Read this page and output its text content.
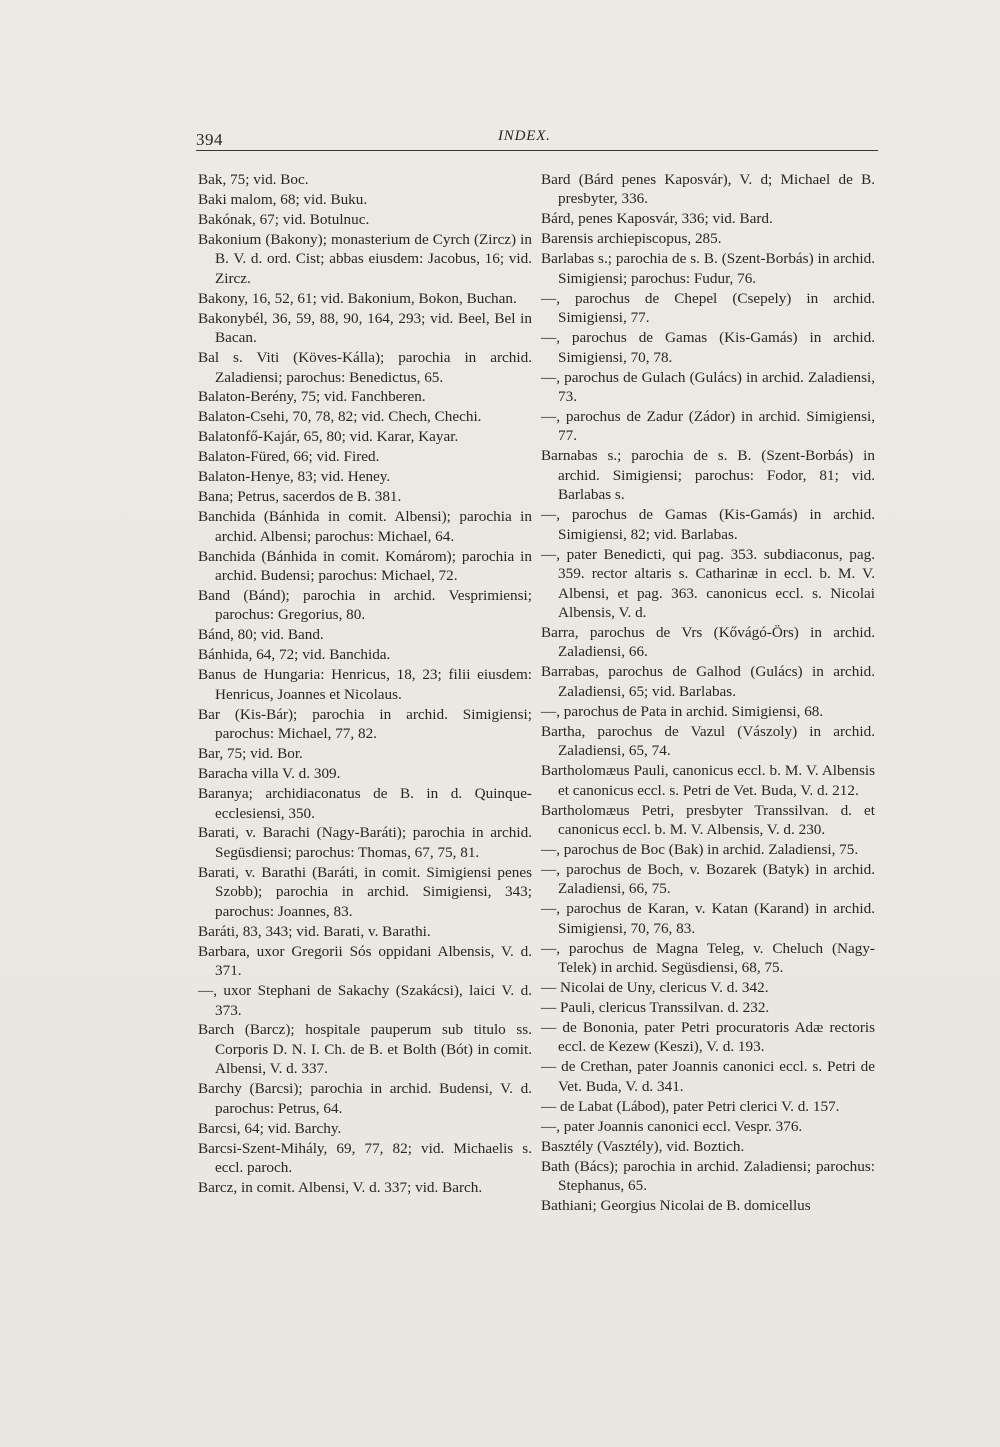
394	INDEX.

Bak, 75; vid. Boc.

Baki malom, 68; vid. Buku.

Bakónak, 67; vid. Botulnuc.

Bakonium (Bakony); monasterium de Cyrch (Zircz) in B. V. d. ord. Cist; abbas eiusdem: Jacobus, 16; vid. Zircz.

Bakony, 16, 52, 61; vid. Bakonium, Bokon, Buchan.

Bakonybél, 36, 59, 88, 90, 164, 293; vid. Beel, Bel in Bacan.

Bal s. Viti (Köves-Kálla); parochia in archid. Zaladiensi; parochus: Benedictus, 65.

Balaton-Berény, 75; vid. Fanchberen.

Balaton-Csehi, 70, 78, 82; vid. Chech, Chechi.

Balatonfő-Kajár, 65, 80; vid. Karar, Kayar.

Balaton-Füred, 66; vid. Fired.

Balaton-Henye, 83; vid. Heney.

Bana; Petrus, sacerdos de B. 381.

Banchida (Bánhida in comit. Albensi); parochia in archid. Albensi; parochus: Michael, 64.

Banchida (Bánhida in comit. Komárom); parochia in archid. Budensi; parochus: Michael, 72.

Band (Bánd); parochia in archid. Vesprimiensi; parochus: Gregorius, 80.

Bánd, 80; vid. Band.

Bánhida, 64, 72; vid. Banchida.

Banus de Hungaria: Henricus, 18, 23; filii eiusdem: Henricus, Joannes et Nicolaus.

Bar (Kis-Bár); parochia in archid. Simigiensi; parochus: Michael, 77, 82.

Bar, 75; vid. Bor.

Baracha villa V. d. 309.

Baranya; archidiaconatus de B. in d. Quinque-ecclesiensi, 350.

Barati, v. Barachi (Nagy-Baráti); parochia in archid. Següsdiensi; parochus: Thomas, 67, 75, 81.

Barati, v. Barathi (Baráti, in comit. Simigiensi penes Szobb); parochia in archid. Simigiensi, 343; parochus: Joannes, 83.

Baráti, 83, 343; vid. Barati, v. Barathi.

Barbara, uxor Gregorii Sós oppidani Albensis, V. d. 371.

—, uxor Stephani de Sakachy (Szakácsi), laici V. d. 373.

Barch (Barcz); hospitale pauperum sub titulo ss. Corporis D. N. I. Ch. de B. et Bolth (Bót) in comit. Albensi, V. d. 337.

Barchy (Barcsi); parochia in archid. Budensi, V. d. parochus: Petrus, 64.

Barcsi, 64; vid. Barchy.

Barcsi-Szent-Mihály, 69, 77, 82; vid. Michaelis s. eccl. paroch.

Barcz, in comit. Albensi, V. d. 337; vid. Barch.

Bard (Bárd penes Kaposvár), V. d; Michael de B. presbyter, 336.

Bárd, penes Kaposvár, 336; vid. Bard.

Barensis archiepiscopus, 285.

Barlabas s.; parochia de s. B. (Szent-Borbás) in archid. Simigiensi; parochus: Fudur, 76.

—, parochus de Chepel (Csepely) in archid. Simigiensi, 77.

—, parochus de Gamas (Kis-Gamás) in archid. Simigiensi, 70, 78.

—, parochus de Gulach (Gulács) in archid. Zaladiensi, 73.

—, parochus de Zadur (Zádor) in archid. Simigiensi, 77.

Barnabas s.; parochia de s. B. (Szent-Borbás) in archid. Simigiensi; parochus: Fodor, 81; vid. Barlabas s.

—, parochus de Gamas (Kis-Gamás) in archid. Simigiensi, 82; vid. Barlabas.

—, pater Benedicti, qui pag. 353. subdiaconus, pag. 359. rector altaris s. Catharinæ in eccl. b. M. V. Albensi, et pag. 363. canonicus eccl. s. Nicolai Albensis, V. d.

Barra, parochus de Vrs (Kővágó-Örs) in archid. Zaladiensi, 66.

Barrabas, parochus de Galhod (Gulács) in archid. Zaladiensi, 65; vid. Barlabas.

—, parochus de Pata in archid. Simigiensi, 68.

Bartha, parochus de Vazul (Vászoly) in archid. Zaladiensi, 65, 74.

Bartholomæus Pauli, canonicus eccl. b. M. V. Albensis et canonicus eccl. s. Petri de Vet. Buda, V. d. 212.

Bartholomæus Petri, presbyter Transsilvan. d. et canonicus eccl. b. M. V. Albensis, V. d. 230.

—, parochus de Boc (Bak) in archid. Zaladiensi, 75.

—, parochus de Boch, v. Bozarek (Batyk) in archid. Zaladiensi, 66, 75.

—, parochus de Karan, v. Katan (Karand) in archid. Simigiensi, 70, 76, 83.

—, parochus de Magna Teleg, v. Cheluch (Nagy-Telek) in archid. Següsdiensi, 68, 75.

— Nicolai de Uny, clericus V. d. 342.

— Pauli, clericus Transsilvan. d. 232.

— de Bononia, pater Petri procuratoris Adæ rectoris eccl. de Kezew (Keszi), V. d. 193.

— de Crethan, pater Joannis canonici eccl. s. Petri de Vet. Buda, V. d. 341.

— de Labat (Lábod), pater Petri clerici V. d. 157.

—, pater Joannis canonici eccl. Vespr. 376.

Basztély (Vasztély), vid. Boztich.

Bath (Bács); parochia in archid. Zaladiensi; parochus: Stephanus, 65.

Bathiani; Georgius Nicolai de B. domicellus
